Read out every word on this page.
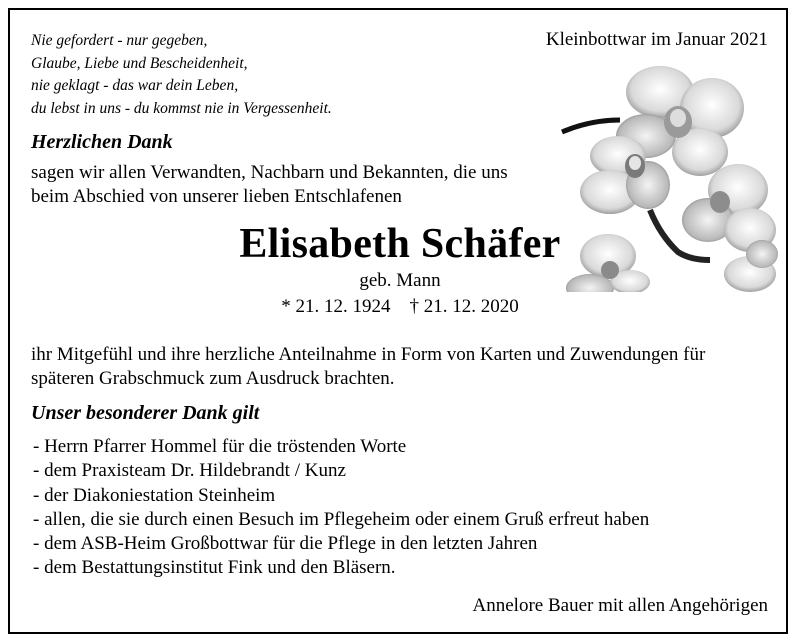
Nie gefordert - nur gegeben,
Glaube, Liebe und Bescheidenheit,
nie geklagt - das war dein Leben,
du lebst in uns - du kommst nie in Vergessenheit.
Kleinbottwar im Januar 2021
Herzlichen Dank
sagen wir allen Verwandten, Nachbarn und Bekannten, die uns
beim Abschied von unserer lieben Entschlafenen
Elisabeth Schäfer
geb. Mann
* 21. 12. 1924    † 21. 12. 2020
ihr Mitgefühl und ihre herzliche Anteilnahme in Form von Karten und Zuwendungen für
späteren Grabschmuck zum Ausdruck brachten.
Unser besonderer Dank gilt
- Herrn Pfarrer Hommel für die tröstenden Worte
- dem Praxisteam Dr. Hildebrandt / Kunz
- der Diakoniestation Steinheim
- allen, die sie durch einen Besuch im Pflegeheim oder einem Gruß erfreut haben
- dem ASB-Heim Großbottwar für die Pflege in den letzten Jahren
- dem Bestattungsinstitut Fink und den Bläsern.
Annelore Bauer mit allen Angehörigen
